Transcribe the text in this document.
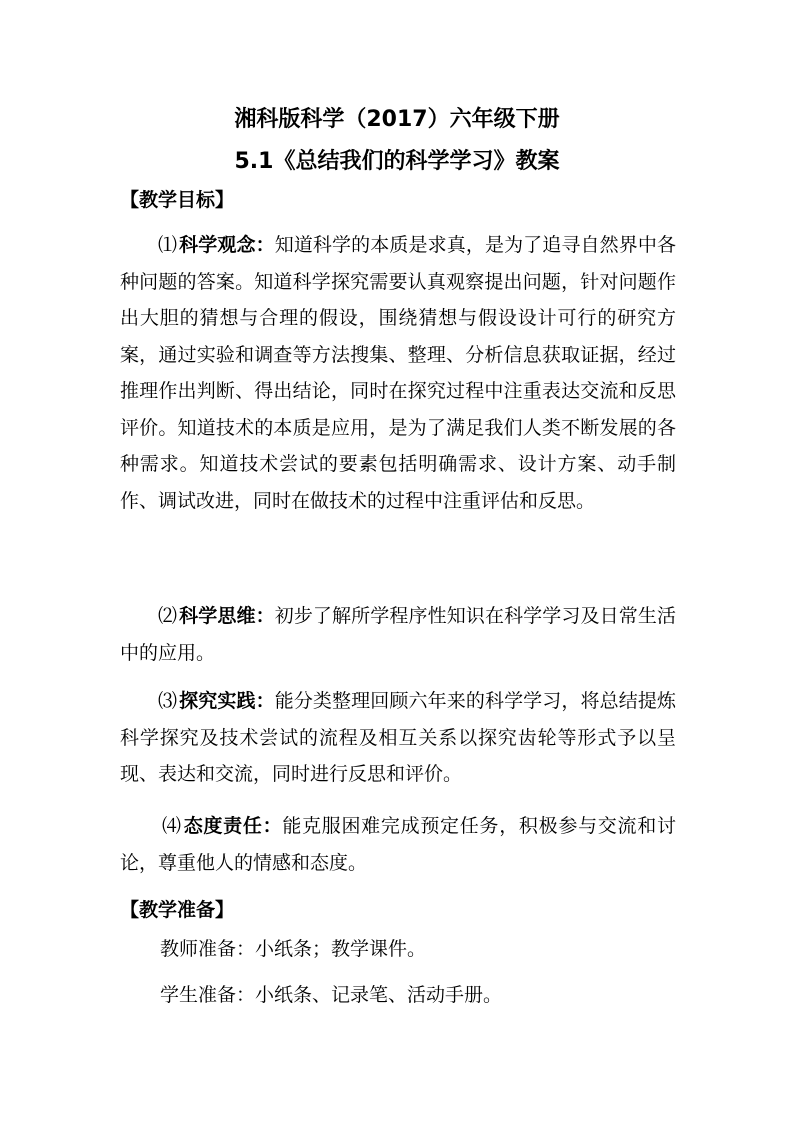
湘科版科学（2017）六年级下册
5.1《总结我们的科学学习》教案
【教学目标】
⑴ 科学观念：知道科学的本质是求真，是为了追寻自然界中各种问题的答案。知道科学探究需要认真观察提出问题，针对问题作出大胆的猜想与合理的假设，围绕猜想与假设设计可行的研究方案，通过实验和调查等方法搜集、整理、分析信息获取证据，经过推理作出判断、得出结论，同时在探究过程中注重表达交流和反思评价。知道技术的本质是应用，是为了满足我们人类不断发展的各种需求。知道技术尝试的要素包括明确需求、设计方案、动手制作、调试改进，同时在做技术的过程中注重评估和反思。
⑵ 科学思维：初步了解所学程序性知识在科学学习及日常生活中的应用。
⑶ 探究实践：能分类整理回顾六年来的科学学习，将总结提炼科学探究及技术尝试的流程及相互关系以探究齿轮等形式予以呈现、表达和交流，同时进行反思和评价。
⑷ 态度责任：能克服困难完成预定任务，积极参与交流和讨论，尊重他人的情感和态度。
【教学准备】
教师准备：小纸条；教学课件。
学生准备：小纸条、记录笔、活动手册。
